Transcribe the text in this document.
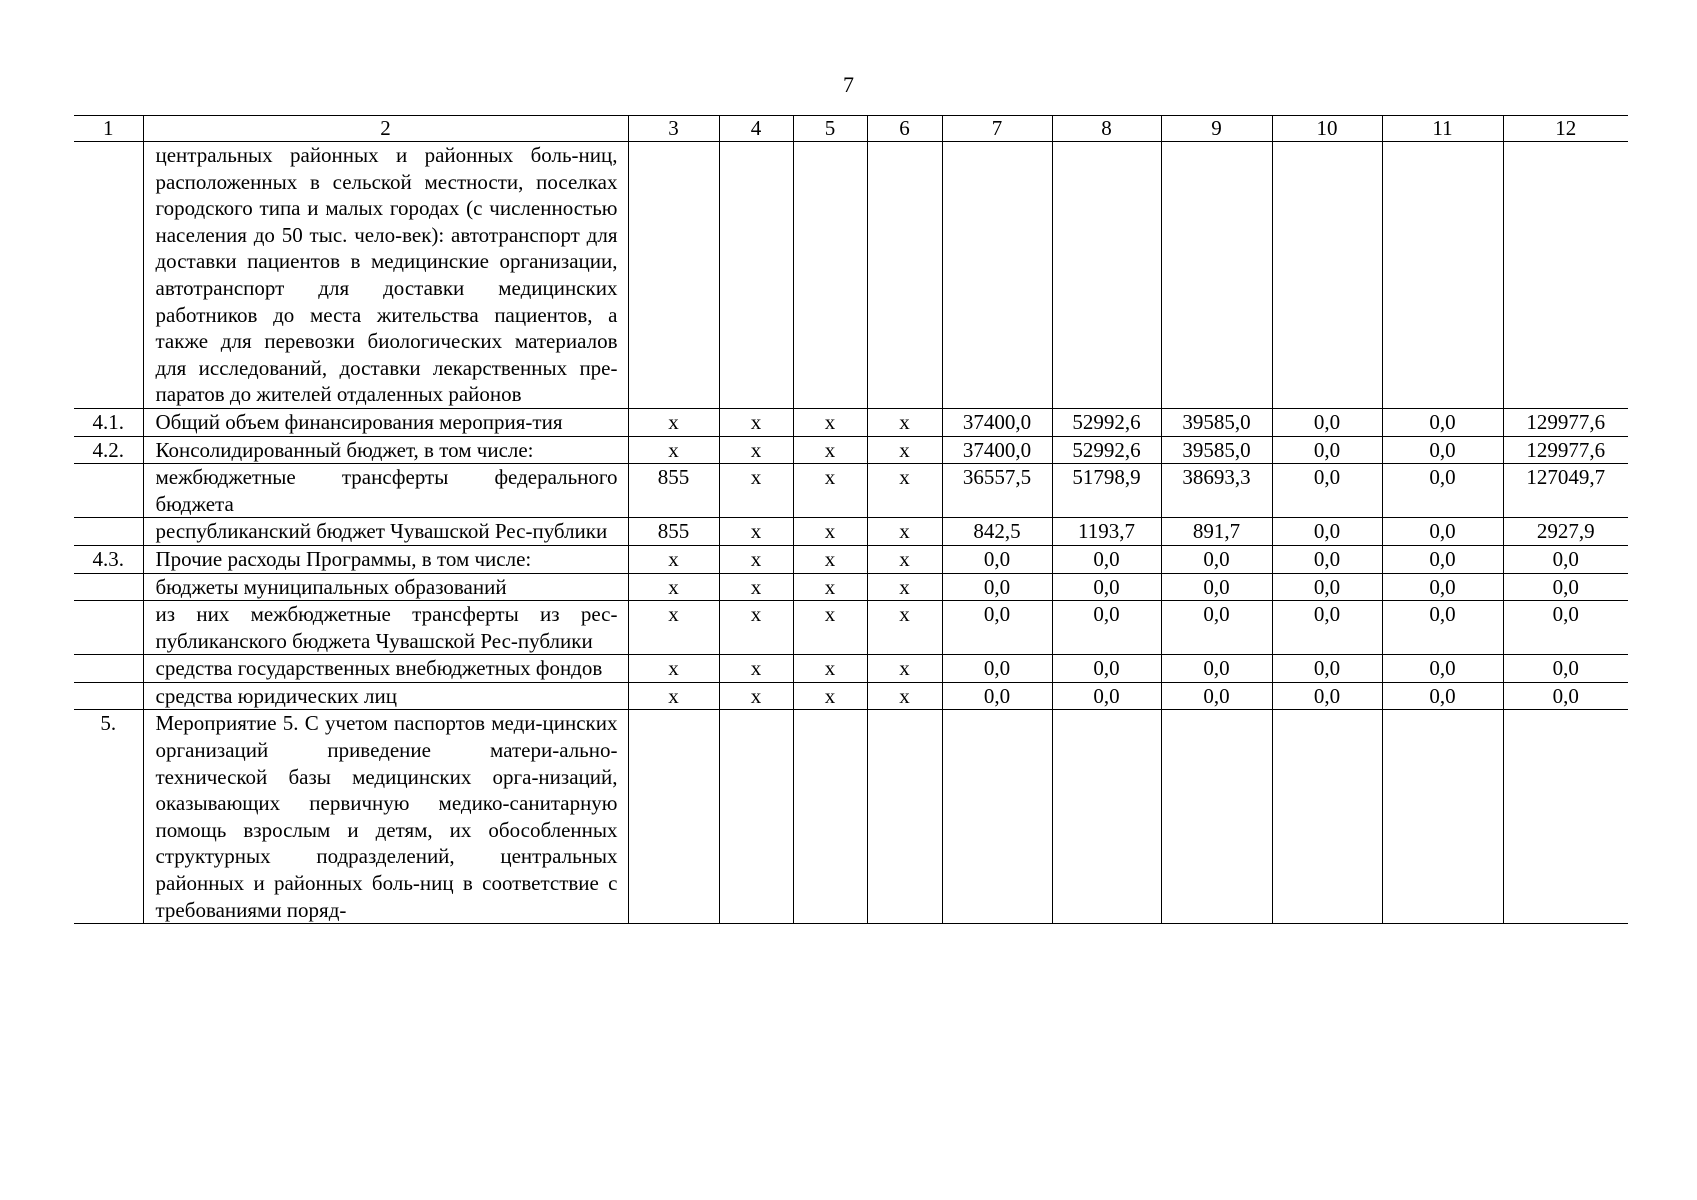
7
1	2	3	4	5	6	7	8	9	10	11	12
	центральных районных и районных боль-ниц, расположенных в сельской местности, поселках городского типа и малых городах (с численностью населения до 50 тыс. чело-век): автотранспорт для доставки пациентов в медицинские организации, автотранспорт для доставки медицинских работников до места жительства пациентов, а также для перевозки биологических материалов для исследований, доставки лекарственных пре-паратов до жителей отдаленных районов										
4.1.	Общий объем финансирования мероприя-тия	х	х	х	х	37400,0	52992,6	39585,0	0,0	0,0	129977,6
4.2.	Консолидированный бюджет, в том числе:	х	х	х	х	37400,0	52992,6	39585,0	0,0	0,0	129977,6
	межбюджетные трансферты федерального бюджета	855	х	х	х	36557,5	51798,9	38693,3	0,0	0,0	127049,7
	республиканский бюджет Чувашской Рес-публики	855	х	х	х	842,5	1193,7	891,7	0,0	0,0	2927,9
4.3.	Прочие расходы Программы, в том числе:	х	х	х	х	0,0	0,0	0,0	0,0	0,0	0,0
	бюджеты муниципальных образований	х	х	х	х	0,0	0,0	0,0	0,0	0,0	0,0
	из них межбюджетные трансферты из рес-публиканского бюджета Чувашской Рес-публики	х	х	х	х	0,0	0,0	0,0	0,0	0,0	0,0
	средства государственных внебюджетных фондов	х	х	х	х	0,0	0,0	0,0	0,0	0,0	0,0
	средства юридических лиц	х	х	х	х	0,0	0,0	0,0	0,0	0,0	0,0
5.	Мероприятие 5. С учетом паспортов меди-цинских организаций приведение матери-ально-технической базы медицинских орга-низаций, оказывающих первичную медико-санитарную помощь взрослым и детям, их обособленных структурных подразделений, центральных районных и районных боль-ниц в соответствие с требованиями поряд-										
